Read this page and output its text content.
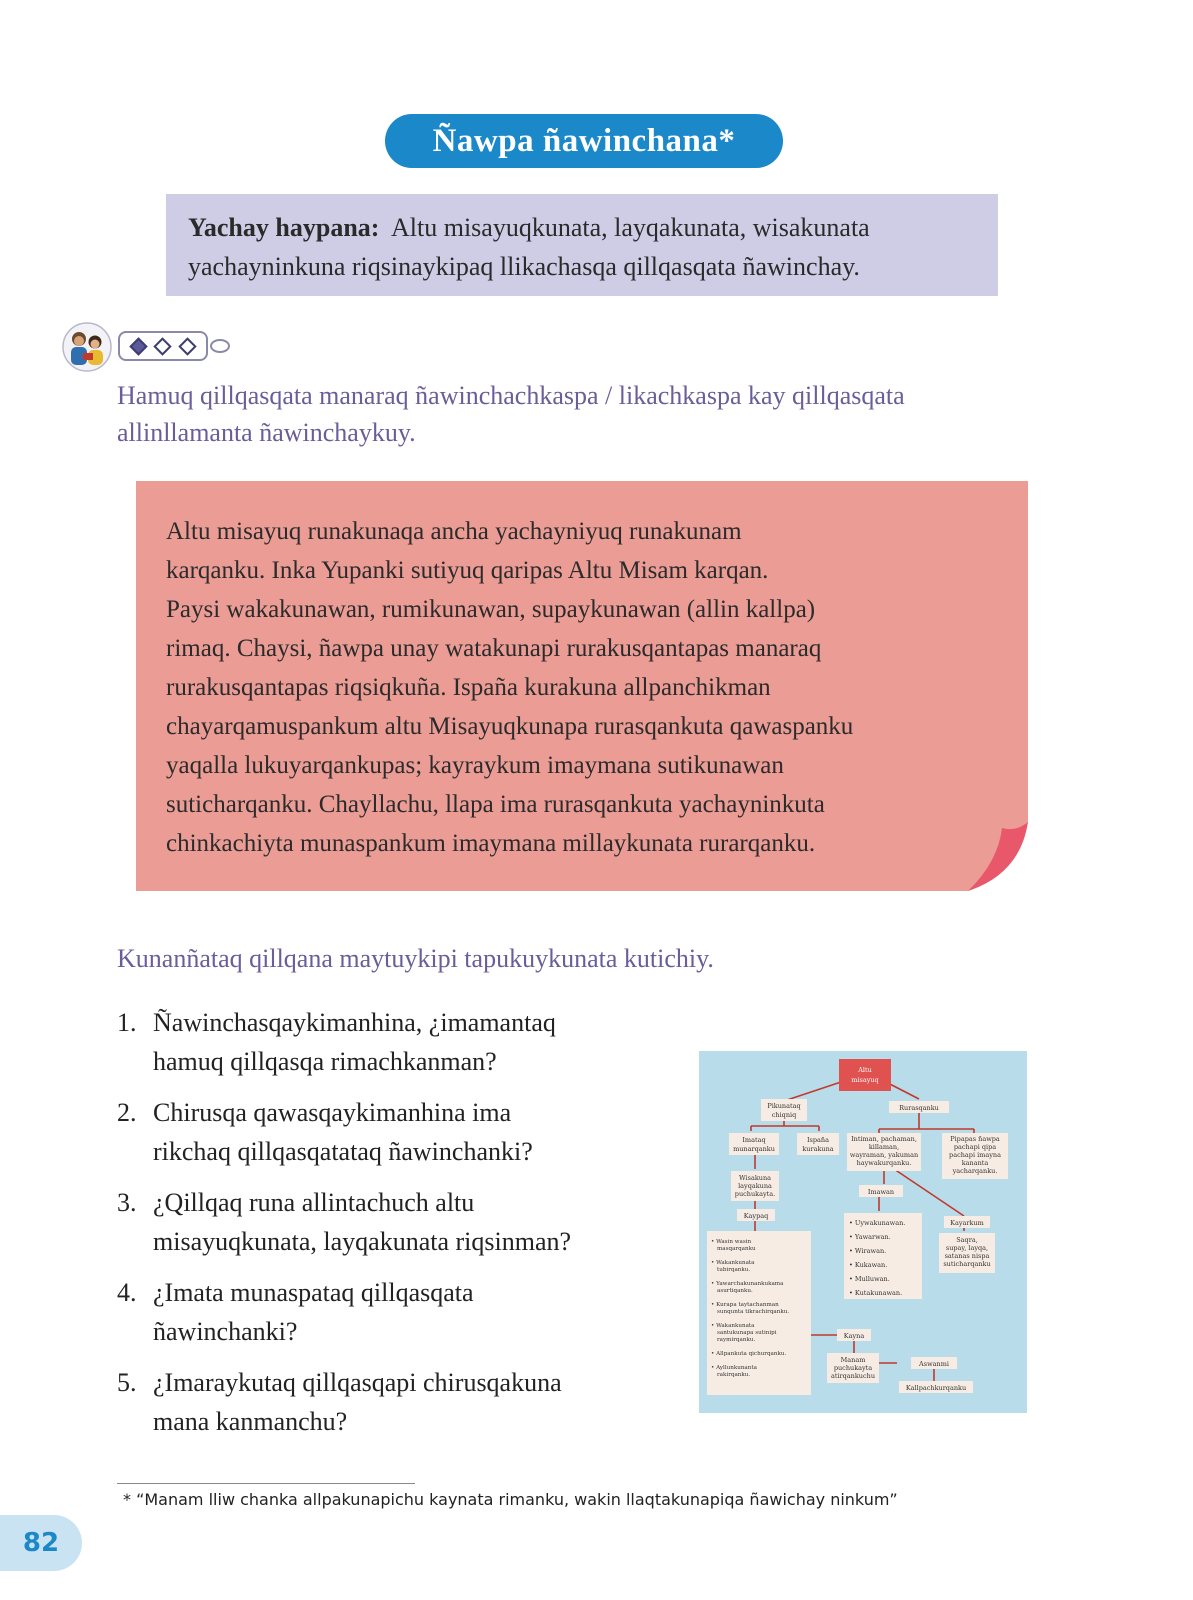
Ñawpa ñawinchana*
Yachay haypana: Altu misayuqkunata, layqakunata, wisakunata
yachayninkuna riqsinaykipaq llikachasqa qillqasqata ñawinchay.
Hamuq qillqasqata manaraq ñawinchachkaspa / likachkaspa kay qillqasqata
allinllamanta ñawinchaykuy.

Altu misayuq runakunaqa ancha yachayniyuq runakunam
karqanku. Inka Yupanki sutiyuq qaripas Altu Misam karqan.
Paysi wakakunawan, rumikunawan, supaykunawan (allin kallpa)
rimaq. Chaysi, ñawpa unay watakunapi rurakusqantapas manaraq
rurakusqantapas riqsiqkuña. Ispaña kurakuna allpanchikman
chayarqamuspankum altu Misayuqkunapa rurasqankuta qawaspanku
yaqalla lukuyarqankupas; kayraykum imaymana sutikunawan
suticharqanku. Chayllachu, llapa ima rurasqankuta yachayninkuta
chinkachiyta munaspankum imaymana millaykunata rurarqanku.

Kunanñataq qillqana maytuykipi tapukuykunata kutichiy.
1. Ñawinchasqaykimanhina, ¿imamantaq
hamuq qillqasqa rimachkanman?
2. Chirusqa qawasqaykimanhina ima
rikchaq qillqasqatataq ñawinchanki?
3. ¿Qillqaq runa allintachuch altu
misayuqkunata, layqakunata riqsinman?
4. ¿Imata munaspataq qillqasqata
ñawinchanki?
5. ¿Imaraykutaq qillqasqapi chirusqakuna
mana kanmanchu?
Altu
misayuq
Pikunataq
chiqniq
Rurasqanku
Imataq
munarqanku
Ispaña
kurakuna
Intiman, pachaman,
killaman,
wayraman, yakuman
haywakurqanku.
Pipapas ñawpa
pachapi qipa
pachapi imayna
kananta
yacharqanku.
Wisakuna
layqakuna
puchukayta.	Imawan
Kaypaq
• Uywakunawan.
• Yawarwan.
• Wirawan.
• Kukawan.
• Mulluwan.
• Kutakunawan.
Kayarkum
Saqra,
supay, layqa,
satanas nispa
suticharqanku
• Wasin wasin
masqarqanku
• Wakankunata
tubirqanku.
• Yawarchakunankukama
asurtiqanku.
• Kurapa taytachanman
sunqunta tikrachirqanku.
• Wakankunata
santukunapa sutinipi
raymirqanku.
• Allpankuta qichurqanku.
• Ayllunkunanta
rakirqanku.
Kayna
Manam
puchukayta
atirqankuchu
Aswanmi
Kallpachkurqanku
* “Manam lliw chanka allpakunapichu kaynata rimanku, wakin llaqtakunapiqa ñawichay ninkum”
82
